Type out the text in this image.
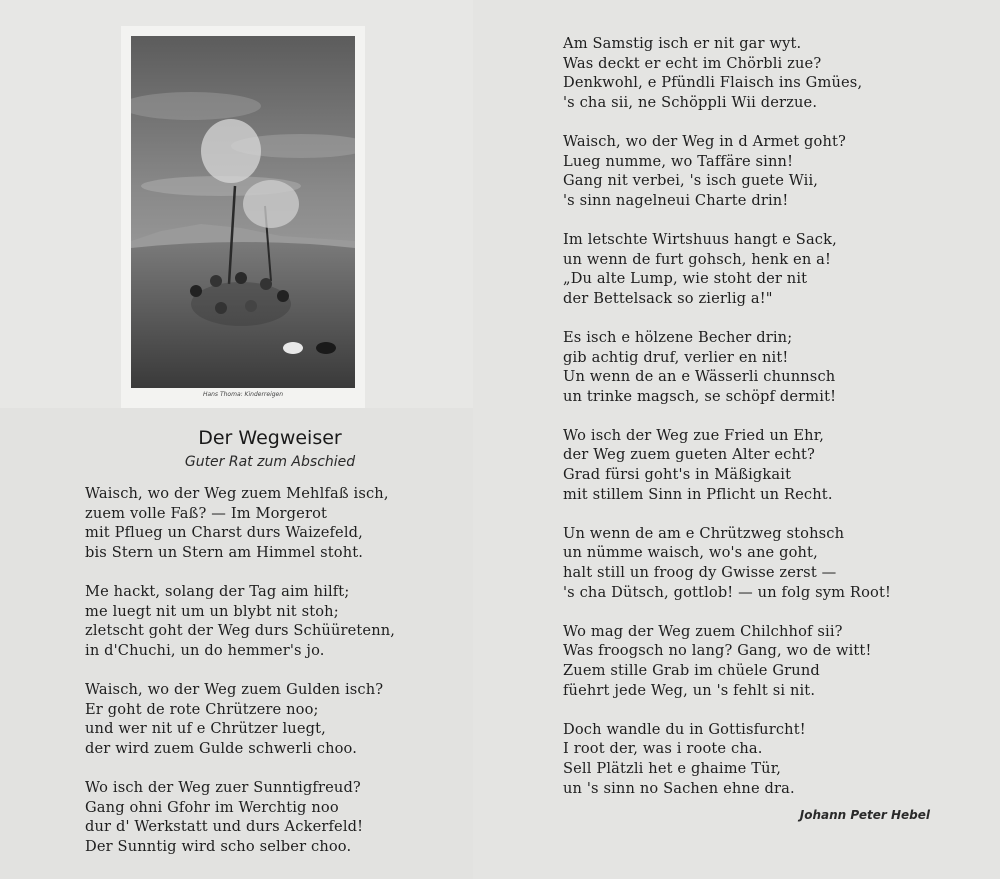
Hans Thoma: Kinderreigen
Der Wegweiser
Guter Rat zum Abschied
Waisch, wo der Weg zuem Mehlfaß isch,
zuem volle Faß? — Im Morgerot
mit Pflueg un Charst durs Waizefeld,
bis Stern un Stern am Himmel stoht.
Me hackt, solang der Tag aim hilft;
me luegt nit um un blybt nit stoh;
zletscht goht der Weg durs Schüüretenn,
in d'Chuchi, un do hemmer's jo.
Waisch, wo der Weg zuem Gulden isch?
Er goht de rote Chrützere noo;
und wer nit uf e Chrützer luegt,
der wird zuem Gulde schwerli choo.
Wo isch der Weg zuer Sunntigfreud?
Gang ohni Gfohr im Werchtig noo
dur d' Werkstatt und durs Ackerfeld!
Der Sunntig wird scho selber choo.
Am Samstig isch er nit gar wyt.
Was deckt er echt im Chörbli zue?
Denkwohl, e Pfündli Flaisch ins Gmües,
's cha sii, ne Schöppli Wii derzue.
Waisch, wo der Weg in d Armet goht?
Lueg numme, wo Taffäre sinn!
Gang nit verbei, 's isch guete Wii,
's sinn nagelneui Charte drin!
Im letschte Wirtshuus hangt e Sack,
un wenn de furt gohsch, henk en a!
„Du alte Lump, wie stoht der nit
der Bettelsack so zierlig a!"
Es isch e hölzene Becher drin;
gib achtig druf, verlier en nit!
Un wenn de an e Wässerli chunnsch
un trinke magsch, se schöpf dermit!
Wo isch der Weg zue Fried un Ehr,
der Weg zuem gueten Alter echt?
Grad fürsi goht's in Mäßigkait
mit stillem Sinn in Pflicht un Recht.
Un wenn de am e Chrützweg stohsch
un nümme waisch, wo's ane goht,
halt still un froog dy Gwisse zerst —
's cha Dütsch, gottlob! — un folg sym Root!
Wo mag der Weg zuem Chilchhof sii?
Was froogsch no lang? Gang, wo de witt!
Zuem stille Grab im chüele Grund
füehrt jede Weg, un 's fehlt si nit.
Doch wandle du in Gottisfurcht!
I root der, was i roote cha.
Sell Plätzli het e ghaime Tür,
un 's sinn no Sachen ehne dra.
Johann Peter Hebel
